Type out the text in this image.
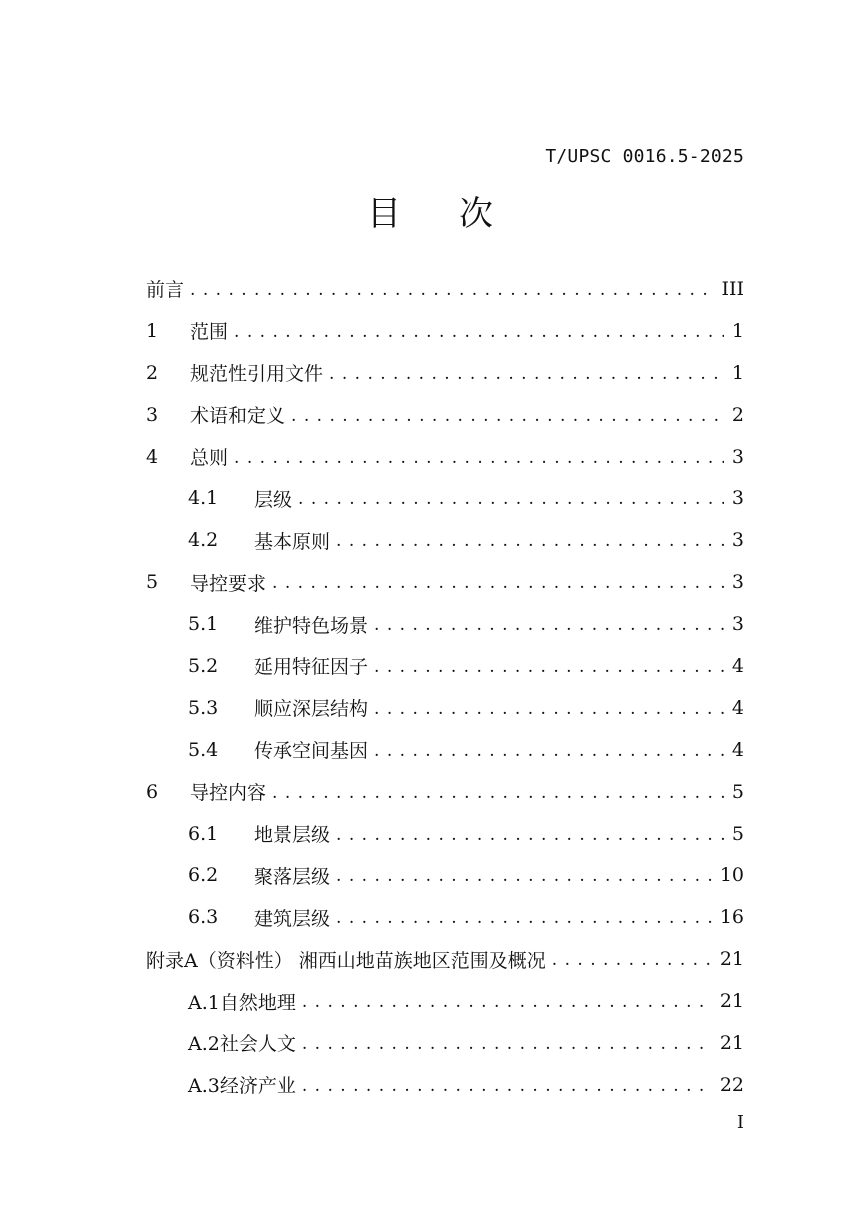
T/UPSC 0016.5-2025
目 次
前言 . . .	III
1	范围 . . .	1
2	规范性引用文件 . . .	1
3	术语和定义 . . .	2
4	总则 . . .	3
4.1	层级 . . .	3
4.2	基本原则 . . .	3
5	导控要求 . . .	3
5.1	维护特色场景 . . .	3
5.2	延用特征因子 . . .	4
5.3	顺应深层结构 . . .	4
5.4	传承空间基因 . . .	4
6	导控内容 . . .	5
6.1	地景层级 . . .	5
6.2	聚落层级 . . .	10
6.3	建筑层级 . . .	16
附录A（资料性） 湘西山地苗族地区范围及概况 . . .	21
A.1自然地理 . . .	21
A.2社会人文 . . .	21
A.3经济产业 . . .	22
I
